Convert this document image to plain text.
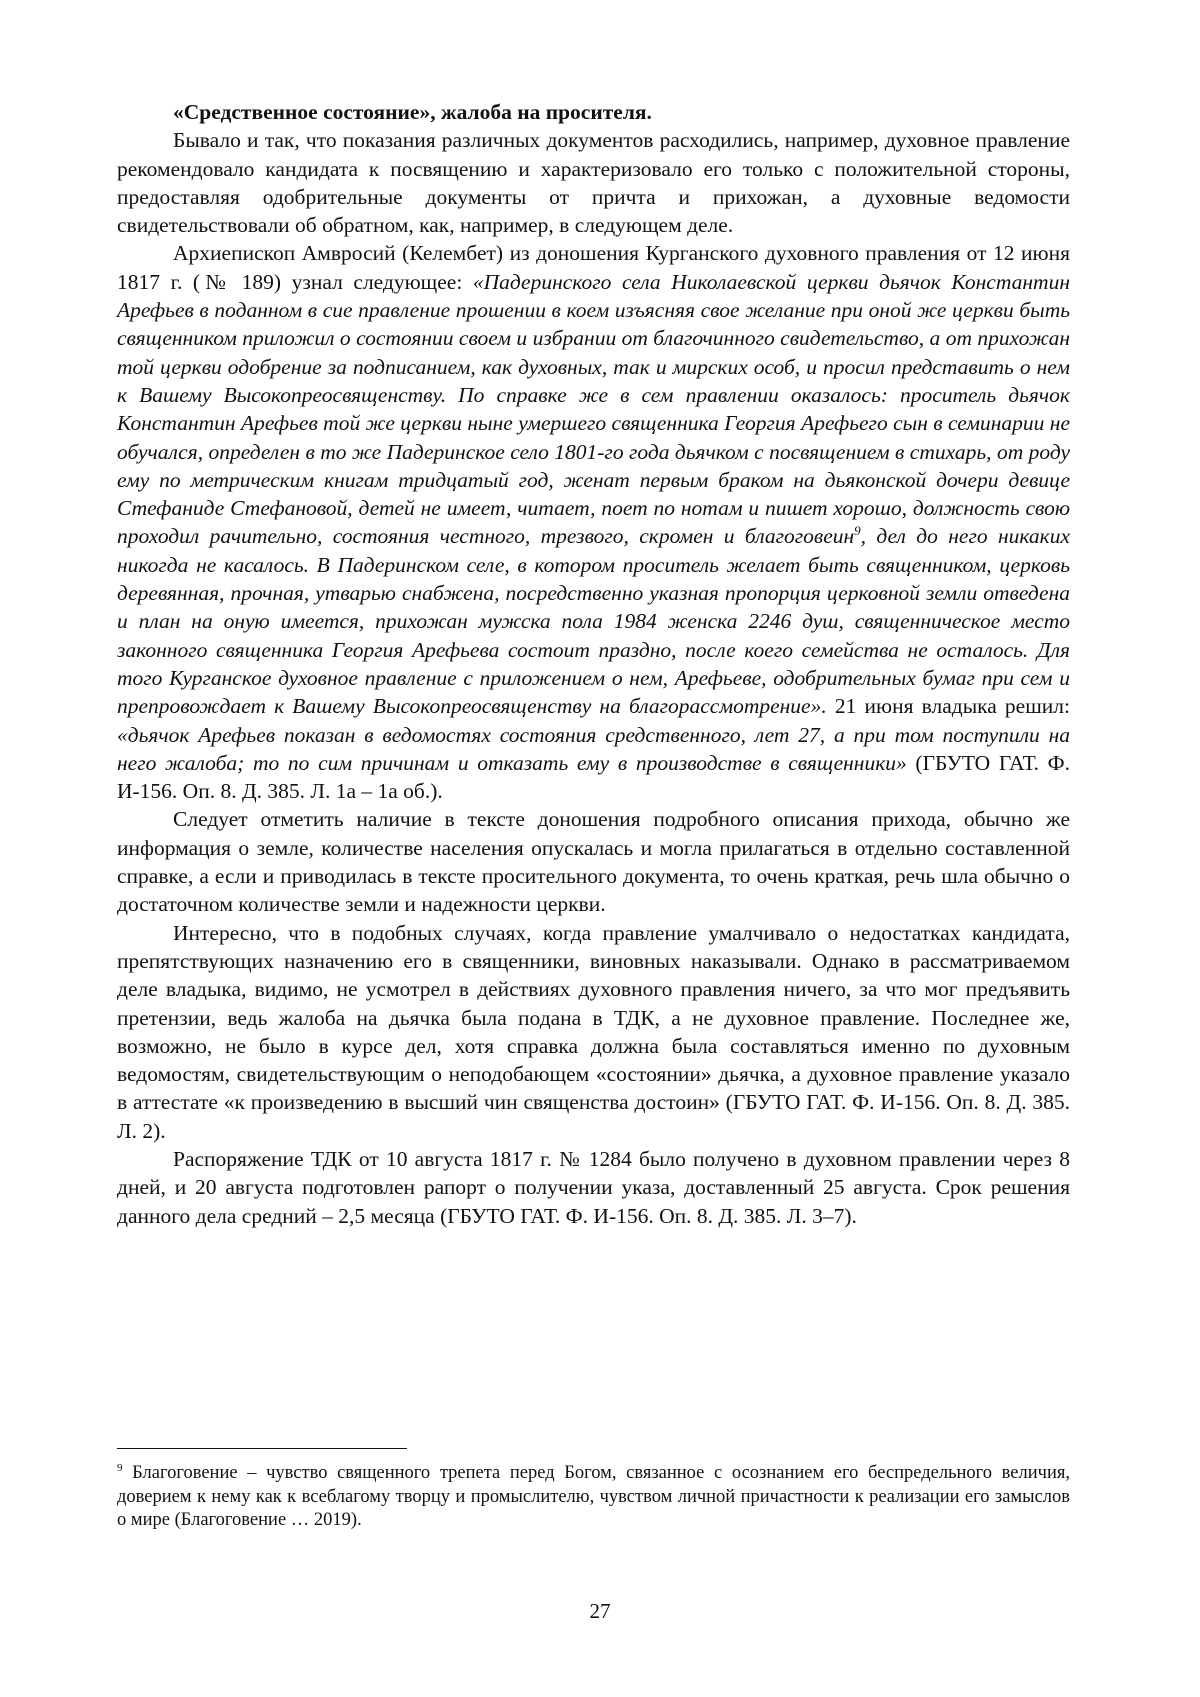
«Средственное состояние», жалоба на просителя.

Бывало и так, что показания различных документов расходились, например, духовное правление рекомендовало кандидата к посвящению и характеризовало его только с положительной стороны, предоставляя одобрительные документы от причта и прихожан, а духовные ведомости свидетельствовали об обратном, как, например, в следующем деле.

Архиепископ Амвросий (Келембет) из доношения Курганского духовного правления от 12 июня 1817 г. (№ 189) узнал следующее: «Падеринского села Николаевской церкви дьячок Константин Арефьев в поданном в сие правление прошении в коем изъясняя свое желание при оной же церкви быть священником приложил о состоянии своем и избрании от благочинного свидетельство, а от прихожан той церкви одобрение за подписанием, как духовных, так и мирских особ, и просил представить о нем к Вашему Высокопреосвященству. По справке же в сем правлении оказалось: проситель дьячок Константин Арефьев той же церкви ныне умершего священника Георгия Арефьего сын в семинарии не обучался, определен в то же Падеринское село 1801-го года дьячком с посвящением в стихарь, от роду ему по метрическим книгам тридцатый год, женат первым браком на дьяконской дочери девице Стефаниде Стефановой, детей не имеет, читает, поет по нотам и пишет хорошо, должность свою проходил рачительно, состояния честного, трезвого, скромен и благоговеин9, дел до него никаких никогда не касалось. В Падеринском селе, в котором проситель желает быть священником, церковь деревянная, прочная, утварью снабжена, посредственно указная пропорция церковной земли отведена и план на оную имеется, прихожан мужска пола 1984 женска 2246 душ, священническое место законного священника Георгия Арефьева состоит праздно, после коего семейства не осталось. Для того Курганское духовное правление с приложением о нем, Арефьеве, одобрительных бумаг при сем и препровождает к Вашему Высокопреосвященству на благорассмотрение». 21 июня владыка решил: «дьячок Арефьев показан в ведомостях состояния средственного, лет 27, а при том поступили на него жалоба; то по сим причинам и отказать ему в производстве в священники» (ГБУТО ГАТ. Ф. И-156. Оп. 8. Д. 385. Л. 1а – 1а об.).

Следует отметить наличие в тексте доношения подробного описания прихода, обычно же информация о земле, количестве населения опускалась и могла прилагаться в отдельно составленной справке, а если и приводилась в тексте просительного документа, то очень краткая, речь шла обычно о достаточном количестве земли и надежности церкви.

Интересно, что в подобных случаях, когда правление умалчивало о недостатках кандидата, препятствующих назначению его в священники, виновных наказывали. Однако в рассматриваемом деле владыка, видимо, не усмотрел в действиях духовного правления ничего, за что мог предъявить претензии, ведь жалоба на дьячка была подана в ТДК, а не духовное правление. Последнее же, возможно, не было в курсе дел, хотя справка должна была составляться именно по духовным ведомостям, свидетельствующим о неподобающем «состоянии» дьячка, а духовное правление указало в аттестате «к произведению в высший чин священства достоин» (ГБУТО ГАТ. Ф. И-156. Оп. 8. Д. 385. Л. 2).

Распоряжение ТДК от 10 августа 1817 г. № 1284 было получено в духовном правлении через 8 дней, и 20 августа подготовлен рапорт о получении указа, доставленный 25 августа. Срок решения данного дела средний – 2,5 месяца (ГБУТО ГАТ. Ф. И-156. Оп. 8. Д. 385. Л. 3–7).

9 Благоговение – чувство священного трепета перед Богом, связанное с осознанием его беспредельного величия, доверием к нему как к всеблагому творцу и промыслителю, чувством личной причастности к реализации его замыслов о мире (Благоговение … 2019).

27
